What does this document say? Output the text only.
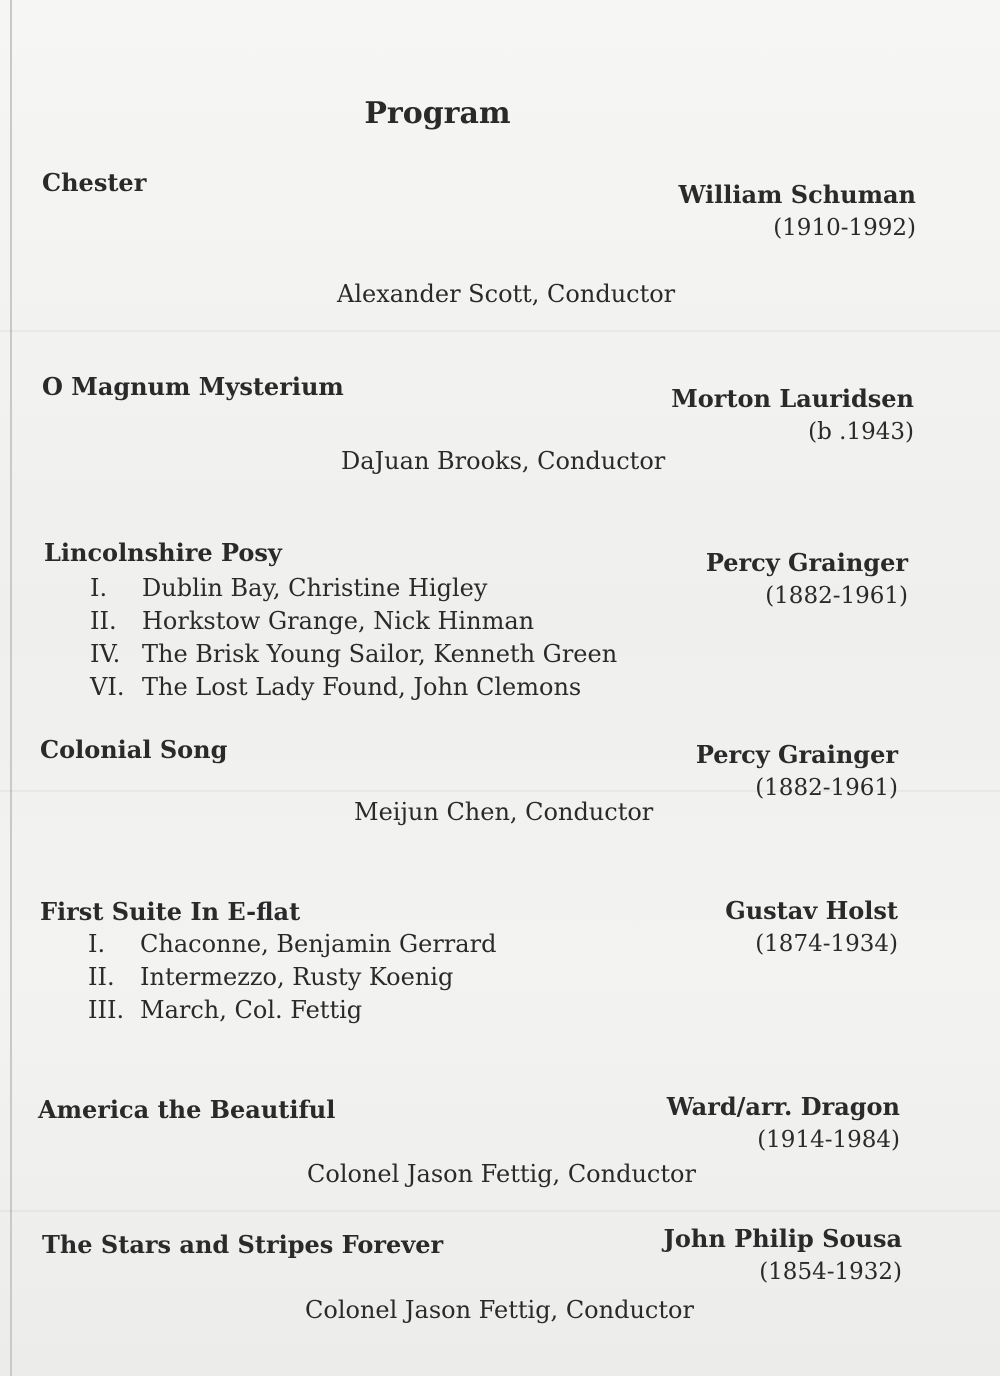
Program
Chester	William Schuman
(1910-1992)
Alexander Scott, Conductor
O Magnum Mysterium	Morton Lauridsen
(b .1943)
DaJuan Brooks, Conductor
Lincolnshire Posy	Percy Grainger
(1882-1961)
I. Dublin Bay, Christine Higley
II. Horkstow Grange, Nick Hinman
IV. The Brisk Young Sailor, Kenneth Green
VI. The Lost Lady Found, John Clemons
Colonial Song	Percy Grainger
(1882-1961)
Meijun Chen, Conductor
First Suite In E-flat	Gustav Holst
(1874-1934)
I. Chaconne, Benjamin Gerrard
II. Intermezzo, Rusty Koenig
III. March, Col. Fettig
America the Beautiful	Ward/arr. Dragon
(1914-1984)
Colonel Jason Fettig, Conductor
The Stars and Stripes Forever	John Philip Sousa
(1854-1932)
Colonel Jason Fettig, Conductor
